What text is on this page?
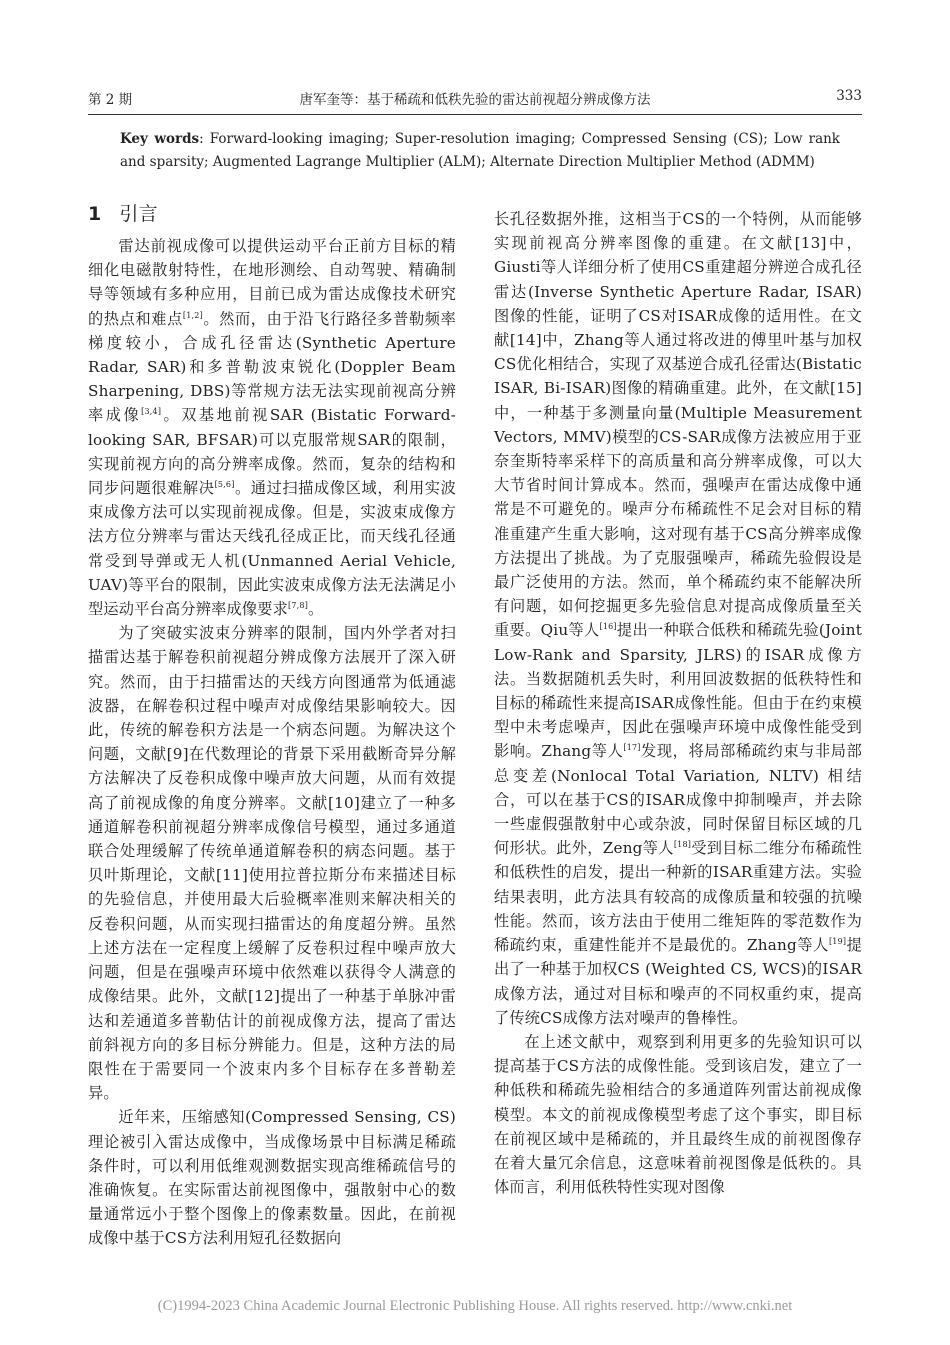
第 2 期	唐军奎等：基于稀疏和低秩先验的雷达前视超分辨成像方法	333
Key words: Forward-looking imaging; Super-resolution imaging; Compressed Sensing (CS); Low rank and sparsity; Augmented Lagrange Multiplier (ALM); Alternate Direction Multiplier Method (ADMM)
1 引言

雷达前视成像可以提供运动平台正前方目标的精细化电磁散射特性，在地形测绘、自动驾驶、精确制导等领域有多种应用，目前已成为雷达成像技术研究的热点和难点[1,2]。然而，由于沿飞行路径多普勒频率梯度较小，合成孔径雷达(Synthetic Aperture Radar, SAR)和多普勒波束锐化(Doppler Beam Sharpening, DBS)等常规方法无法实现前视高分辨率成像[3,4]。双基地前视SAR (Bistatic Forward-looking SAR, BFSAR)可以克服常规SAR的限制，实现前视方向的高分辨率成像。然而，复杂的结构和同步问题很难解决[5,6]。通过扫描成像区域，利用实波束成像方法可以实现前视成像。但是，实波束成像方法方位分辨率与雷达天线孔径成正比，而天线孔径通常受到导弹或无人机(Unmanned Aerial Vehicle, UAV)等平台的限制，因此实波束成像方法无法满足小型运动平台高分辨率成像要求[7,8]。

为了突破实波束分辨率的限制，国内外学者对扫描雷达基于解卷积前视超分辨成像方法展开了深入研究。然而，由于扫描雷达的天线方向图通常为低通滤波器，在解卷积过程中噪声对成像结果影响较大。因此，传统的解卷积方法是一个病态问题。为解决这个问题，文献[9]在代数理论的背景下采用截断奇异分解方法解决了反卷积成像中噪声放大问题，从而有效提高了前视成像的角度分辨率。文献[10]建立了一种多通道解卷积前视超分辨率成像信号模型，通过多通道联合处理缓解了传统单通道解卷积的病态问题。基于贝叶斯理论，文献[11]使用拉普拉斯分布来描述目标的先验信息，并使用最大后验概率准则来解决相关的反卷积问题，从而实现扫描雷达的角度超分辨。虽然上述方法在一定程度上缓解了反卷积过程中噪声放大问题，但是在强噪声环境中依然难以获得令人满意的成像结果。此外，文献[12]提出了一种基于单脉冲雷达和差通道多普勒估计的前视成像方法，提高了雷达前斜视方向的多目标分辨能力。但是，这种方法的局限性在于需要同一个波束内多个目标存在多普勒差异。

近年来，压缩感知(Compressed Sensing, CS)理论被引入雷达成像中，当成像场景中目标满足稀疏条件时，可以利用低维观测数据实现高维稀疏信号的准确恢复。在实际雷达前视图像中，强散射中心的数量通常远小于整个图像上的像素数量。因此，在前视成像中基于CS方法利用短孔径数据向

长孔径数据外推，这相当于CS的一个特例，从而能够实现前视高分辨率图像的重建。在文献[13]中，Giusti等人详细分析了使用CS重建超分辨逆合成孔径雷达(Inverse Synthetic Aperture Radar, ISAR)图像的性能，证明了CS对ISAR成像的适用性。在文献[14]中，Zhang等人通过将改进的傅里叶基与加权CS优化相结合，实现了双基逆合成孔径雷达(Bistatic ISAR, Bi-ISAR)图像的精确重建。此外，在文献[15]中，一种基于多测量向量(Multiple Measurement Vectors, MMV)模型的CS-SAR成像方法被应用于亚奈奎斯特率采样下的高质量和高分辨率成像，可以大大节省时间计算成本。然而，强噪声在雷达成像中通常是不可避免的。噪声分布稀疏性不足会对目标的精准重建产生重大影响，这对现有基于CS高分辨率成像方法提出了挑战。为了克服强噪声，稀疏先验假设是最广泛使用的方法。然而，单个稀疏约束不能解决所有问题，如何挖掘更多先验信息对提高成像质量至关重要。Qiu等人[16]提出一种联合低秩和稀疏先验(Joint Low-Rank and Sparsity, JLRS)的ISAR成像方法。当数据随机丢失时，利用回波数据的低秩特性和目标的稀疏性来提高ISAR成像性能。但由于在约束模型中未考虑噪声，因此在强噪声环境中成像性能受到影响。Zhang等人[17]发现，将局部稀疏约束与非局部总变差(Nonlocal Total Variation, NLTV) 相结合，可以在基于CS的ISAR成像中抑制噪声，并去除一些虚假强散射中心或杂波，同时保留目标区域的几何形状。此外，Zeng等人[18]受到目标二维分布稀疏性和低秩性的启发，提出一种新的ISAR重建方法。实验结果表明，此方法具有较高的成像质量和较强的抗噪性能。然而，该方法由于使用二维矩阵的零范数作为稀疏约束，重建性能并不是最优的。Zhang等人[19]提出了一种基于加权CS (Weighted CS, WCS)的ISAR成像方法，通过对目标和噪声的不同权重约束，提高了传统CS成像方法对噪声的鲁棒性。

在上述文献中，观察到利用更多的先验知识可以提高基于CS方法的成像性能。受到该启发，建立了一种低秩和稀疏先验相结合的多通道阵列雷达前视成像模型。本文的前视成像模型考虑了这个事实，即目标在前视区域中是稀疏的，并且最终生成的前视图像存在着大量冗余信息，这意味着前视图像是低秩的。具体而言，利用低秩特性实现对图像

(C)1994-2023 China Academic Journal Electronic Publishing House. All rights reserved. http://www.cnki.net
